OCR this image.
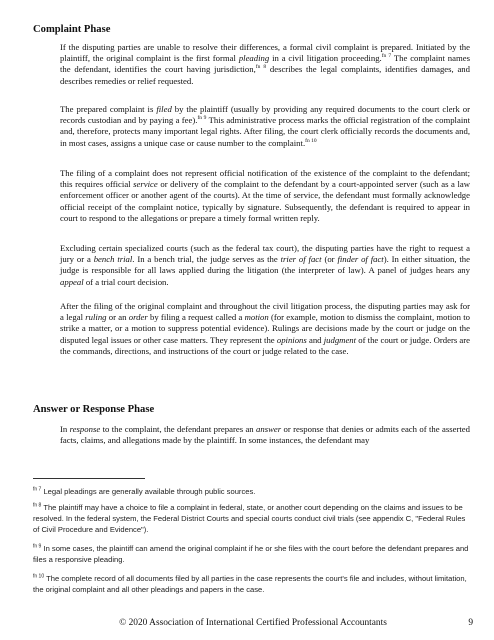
Complaint Phase

If the disputing parties are unable to resolve their differences, a formal civil complaint is prepared. Initiated by the plaintiff, the original complaint is the first formal pleading in a civil litigation proceeding.$^{fn 7}$ The complaint names the defendant, identifies the court having jurisdiction,$^{fn 8}$ describes the legal complaints, identifies damages, and describes remedies or relief requested.

The prepared complaint is filed by the plaintiff (usually by providing any required documents to the court clerk or records custodian and by paying a fee).$^{fn 9}$ This administrative process marks the official registration of the complaint and, therefore, protects many important legal rights. After filing, the court clerk officially records the documents and, in most cases, assigns a unique case or cause number to the complaint.$^{fn 10}$

The filing of a complaint does not represent official notification of the existence of the complaint to the defendant; this requires official service or delivery of the complaint to the defendant by a court-appointed server (such as a law enforcement officer or another agent of the courts). At the time of service, the defendant must formally acknowledge official receipt of the complaint notice, typically by signature. Subsequently, the defendant is required to appear in court to respond to the allegations or prepare a timely formal written reply.

Excluding certain specialized courts (such as the federal tax court), the disputing parties have the right to request a jury or a bench trial. In a bench trial, the judge serves as the trier of fact (or finder of fact). In either situation, the judge is responsible for all laws applied during the litigation (the interpreter of law). A panel of judges hears any appeal of a trial court decision.

After the filing of the original complaint and throughout the civil litigation process, the disputing parties may ask for a legal ruling or an order by filing a request called a motion (for example, motion to dismiss the complaint, motion to strike a matter, or a motion to suppress potential evidence). Rulings are decisions made by the court or judge on the disputed legal issues or other case matters. They represent the opinions and judgment of the court or judge. Orders are the commands, directions, and instructions of the court or judge related to the case.

Answer or Response Phase

In response to the complaint, the defendant prepares an answer or response that denies or admits each of the asserted facts, claims, and allegations made by the plaintiff. In some instances, the defendant may

$^{fn 7}$ Legal pleadings are generally available through public sources.

$^{fn 8}$ The plaintiff may have a choice to file a complaint in federal, state, or another court depending on the claims and issues to be resolved. In the federal system, the Federal District Courts and special courts conduct civil trials (see appendix C, "Federal Rules of Civil Procedure and Evidence").

$^{fn 9}$ In some cases, the plaintiff can amend the original complaint if he or she files with the court before the defendant prepares and files a responsive pleading.

$^{fn 10}$ The complete record of all documents filed by all parties in the case represents the court's file and includes, without limitation, the original complaint and all other pleadings and papers in the case.

© 2020 Association of International Certified Professional Accountants	9
